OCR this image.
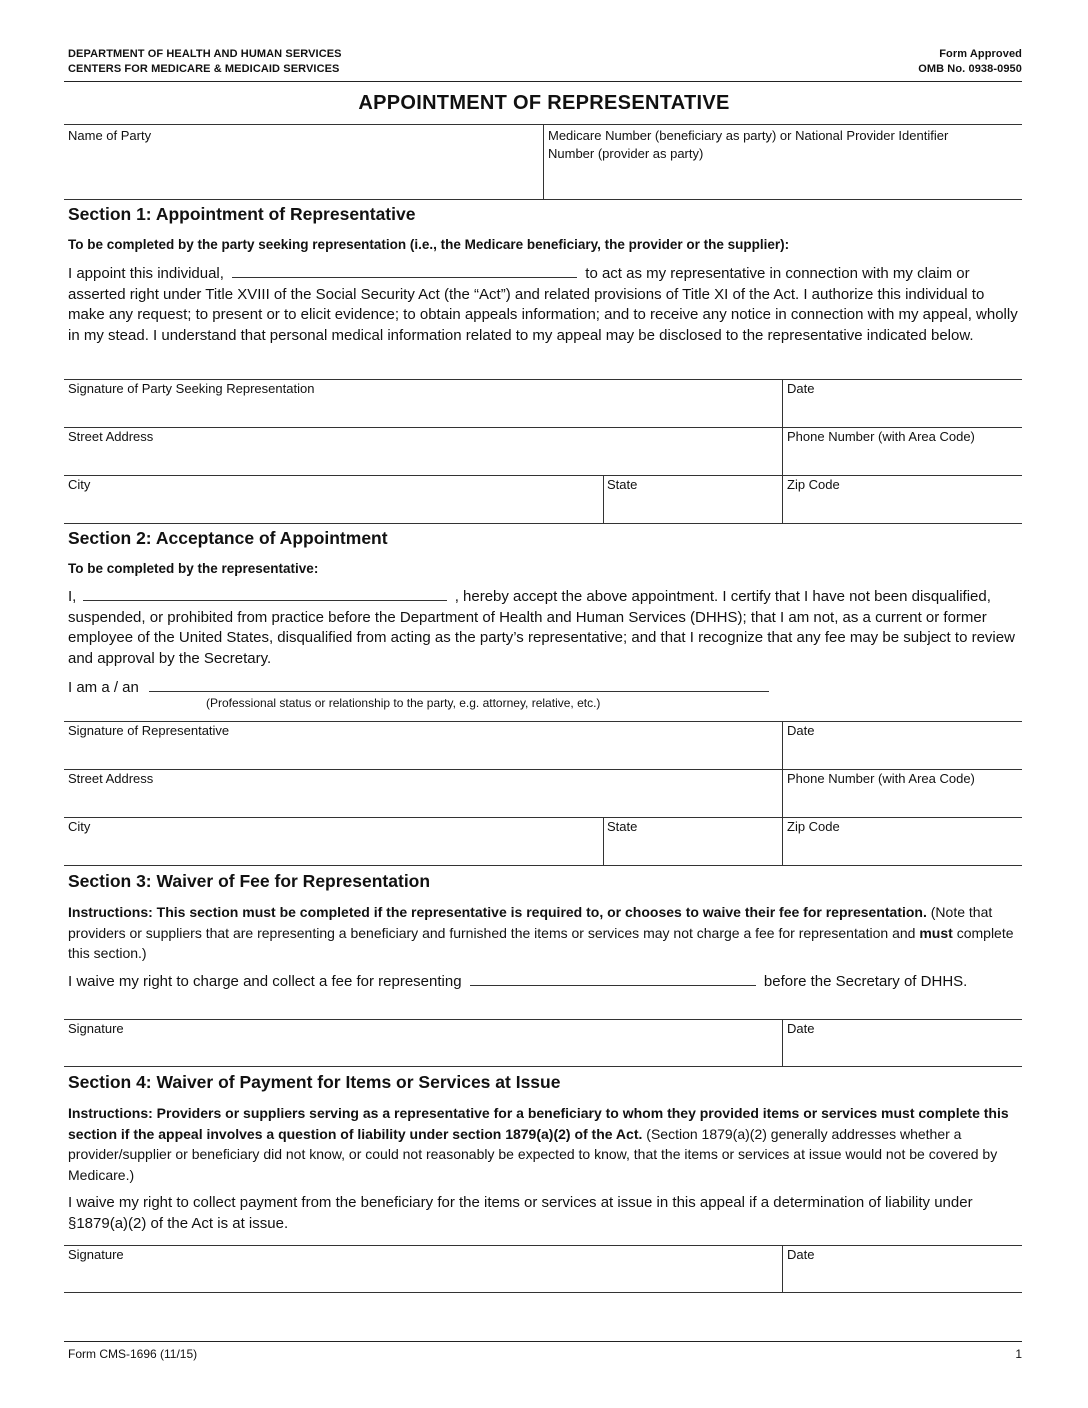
DEPARTMENT OF HEALTH AND HUMAN SERVICES
CENTERS FOR MEDICARE & MEDICAID SERVICES
Form Approved
OMB No. 0938-0950
APPOINTMENT OF REPRESENTATIVE
Name of Party	Medicare Number (beneficiary as party) or National Provider Identifier
Number (provider as party)
Section 1: Appointment of Representative
To be completed by the party seeking representation (i.e., the Medicare beneficiary, the provider or the supplier):
I appoint this individual,	to act as my representative in connection with my claim or asserted right under Title XVIII of the Social Security Act (the “Act”) and related provisions of Title XI of the Act. I authorize this individual to make any request; to present or to elicit evidence; to obtain appeals information; and to receive any notice in connection with my appeal, wholly in my stead. I understand that personal medical information related to my appeal may be disclosed to the representative indicated below.
Signature of Party Seeking Representation	Date
Street Address	Phone Number (with Area Code)
City	State	Zip Code
Section 2: Acceptance of Appointment
To be completed by the representative:
I,	, hereby accept the above appointment. I certify that I have not been disqualified, suspended, or prohibited from practice before the Department of Health and Human Services (DHHS); that I am not, as a current or former employee of the United States, disqualified from acting as the party’s representative; and that I recognize that any fee may be subject to review and approval by the Secretary.
I am a / an
(Professional status or relationship to the party, e.g. attorney, relative, etc.)
Signature of Representative	Date
Street Address	Phone Number (with Area Code)
City	State	Zip Code
Section 3: Waiver of Fee for Representation
Instructions: This section must be completed if the representative is required to, or chooses to waive their fee for representation. (Note that providers or suppliers that are representing a beneficiary and furnished the items or services may not charge a fee for representation and must complete this section.)
I waive my right to charge and collect a fee for representing	before the Secretary of DHHS.
Signature	Date
Section 4: Waiver of Payment for Items or Services at Issue
Instructions: Providers or suppliers serving as a representative for a beneficiary to whom they provided items or services must complete this section if the appeal involves a question of liability under section 1879(a)(2) of the Act. (Section 1879(a)(2) generally addresses whether a provider/supplier or beneficiary did not know, or could not reasonably be expected to know, that the items or services at issue would not be covered by Medicare.)
I waive my right to collect payment from the beneficiary for the items or services at issue in this appeal if a determination of liability under §1879(a)(2) of the Act is at issue.
Signature	Date
Form CMS-1696 (11/15)	1
